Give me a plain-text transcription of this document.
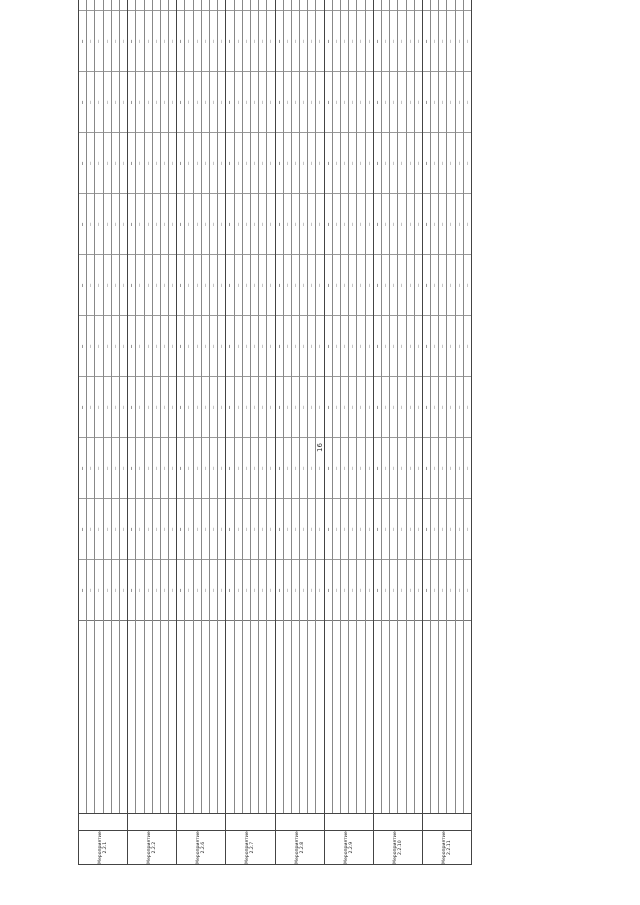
16
Мероприятие 2.2.1
—
—
—
—
—
—
—
—
—
—
—
—
—
—
—
—
—
—
—
—
—
—
—
—
—
—
—
—
—
—
—
—
—
—
—
—
—
—
—
—
—
—
—
—
—
—
—
—
—
—
—
—
—
—
—
—
—
—
—
—
Мероприятие 2.2.2
—
—
—
—
—
—
—
—
—
—
—
—
—
—
—
—
—
—
—
—
—
—
—
—
—
—
—
—
—
—
—
—
—
—
—
—
—
—
—
—
—
—
—
—
—
—
—
—
—
—
—
—
—
—
—
—
—
—
—
—
Мероприятие 2.2.6
—
—
—
—
—
—
—
—
—
—
—
—
—
—
—
—
—
—
—
—
—
—
—
—
—
—
—
—
—
—
—
—
—
—
—
—
—
—
—
—
—
—
—
—
—
—
—
—
—
—
—
—
—
—
—
—
—
—
—
—
Мероприятие 2.2.7
—
—
—
—
—
—
—
—
—
—
—
—
—
—
—
—
—
—
—
—
—
—
—
—
—
—
—
—
—
—
—
—
—
—
—
—
—
—
—
—
—
—
—
—
—
—
—
—
—
—
—
—
—
—
—
—
—
—
—
—
Мероприятие 2.2.8
—
—
—
—
—
—
—
—
—
—
—
—
—
—
—
—
—
—
—
—
—
—
—
—
—
—
—
—
—
—
—
—
—
—
—
—
—
—
—
—
—
—
—
—
—
—
—
—
—
—
—
—
—
—
—
—
—
—
—
—
Мероприятие 2.2.9
—
—
—
—
—
—
—
—
—
—
—
—
—
—
—
—
—
—
—
—
—
—
—
—
—
—
—
—
—
—
—
—
—
—
—
—
—
—
—
—
—
—
—
—
—
—
—
—
—
—
—
—
—
—
—
—
—
—
—
—
Мероприятие 2.2.10
—
—
—
—
—
—
—
—
—
—
—
—
—
—
—
—
—
—
—
—
—
—
—
—
—
—
—
—
—
—
—
—
—
—
—
—
—
—
—
—
—
—
—
—
—
—
—
—
—
—
—
—
—
—
—
—
—
—
—
—
Мероприятие 2.2.11
—
—
—
—
—
—
—
—
—
—
—
—
—
—
—
—
—
—
—
—
—
—
—
—
—
—
—
—
—
—
—
—
—
—
—
—
—
—
—
—
—
—
—
—
—
—
—
—
—
—
—
—
—
—
—
—
—
—
—
—
